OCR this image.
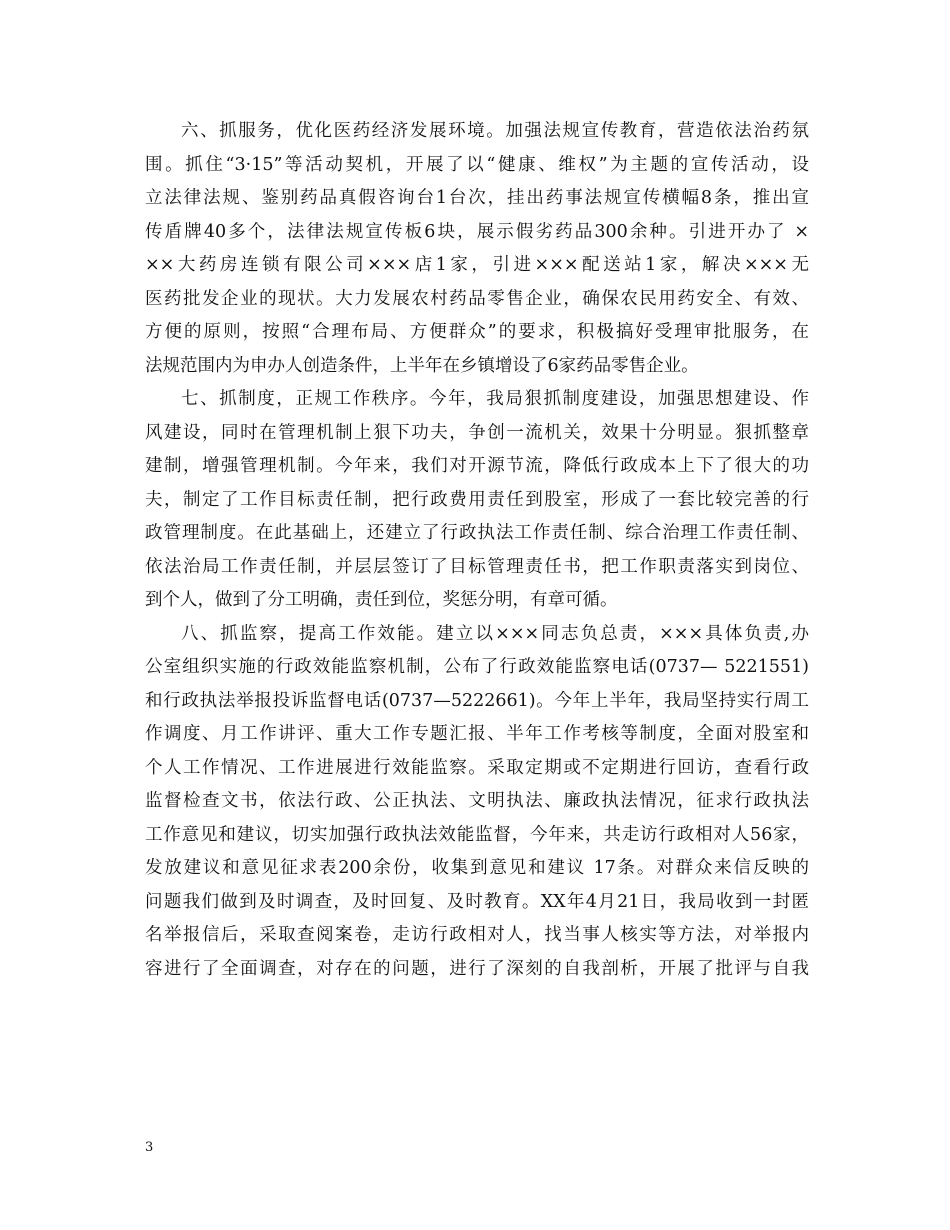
六、抓服务，优化医药经济发展环境。加强法规宣传教育，营造依法治药氛
围。抓住“3·15”等活动契机，开展了以“健康、维权”为主题的宣传活动，设
立法律法规、鉴别药品真假咨询台1台次，挂出药事法规宣传横幅8条，推出宣
传盾牌40多个，法律法规宣传板6块，展示假劣药品300余种。引进开办了 ×
××大药房连锁有限公司×××店1家，引进×××配送站1家，解决×××无
医药批发企业的现状。大力发展农村药品零售企业，确保农民用药安全、有效、
方便的原则，按照“合理布局、方便群众”的要求，积极搞好受理审批服务，在
法规范围内为申办人创造条件，上半年在乡镇增设了6家药品零售企业。
七、抓制度，正规工作秩序。今年，我局狠抓制度建设，加强思想建设、作
风建设，同时在管理机制上狠下功夫，争创一流机关，效果十分明显。狠抓整章
建制，增强管理机制。今年来，我们对开源节流，降低行政成本上下了很大的功
夫，制定了工作目标责任制，把行政费用责任到股室，形成了一套比较完善的行
政管理制度。在此基础上，还建立了行政执法工作责任制、综合治理工作责任制、
依法治局工作责任制，并层层签订了目标管理责任书，把工作职责落实到岗位、
到个人，做到了分工明确，责任到位，奖惩分明，有章可循。
八、抓监察，提高工作效能。建立以×××同志负总责，×××具体负责,办
公室组织实施的行政效能监察机制，公布了行政效能监察电话(0737— 5221551)
和行政执法举报投诉监督电话(0737—5222661)。今年上半年，我局坚持实行周工
作调度、月工作讲评、重大工作专题汇报、半年工作考核等制度，全面对股室和
个人工作情况、工作进展进行效能监察。采取定期或不定期进行回访，查看行政
监督检查文书，依法行政、公正执法、文明执法、廉政执法情况，征求行政执法
工作意见和建议，切实加强行政执法效能监督，今年来，共走访行政相对人56家，
发放建议和意见征求表200余份，收集到意见和建议 17条。对群众来信反映的
问题我们做到及时调查，及时回复、及时教育。XX年4月21日，我局收到一封匿
名举报信后，采取查阅案卷，走访行政相对人，找当事人核实等方法，对举报内
容进行了全面调查，对存在的问题，进行了深刻的自我剖析，开展了批评与自我
3
